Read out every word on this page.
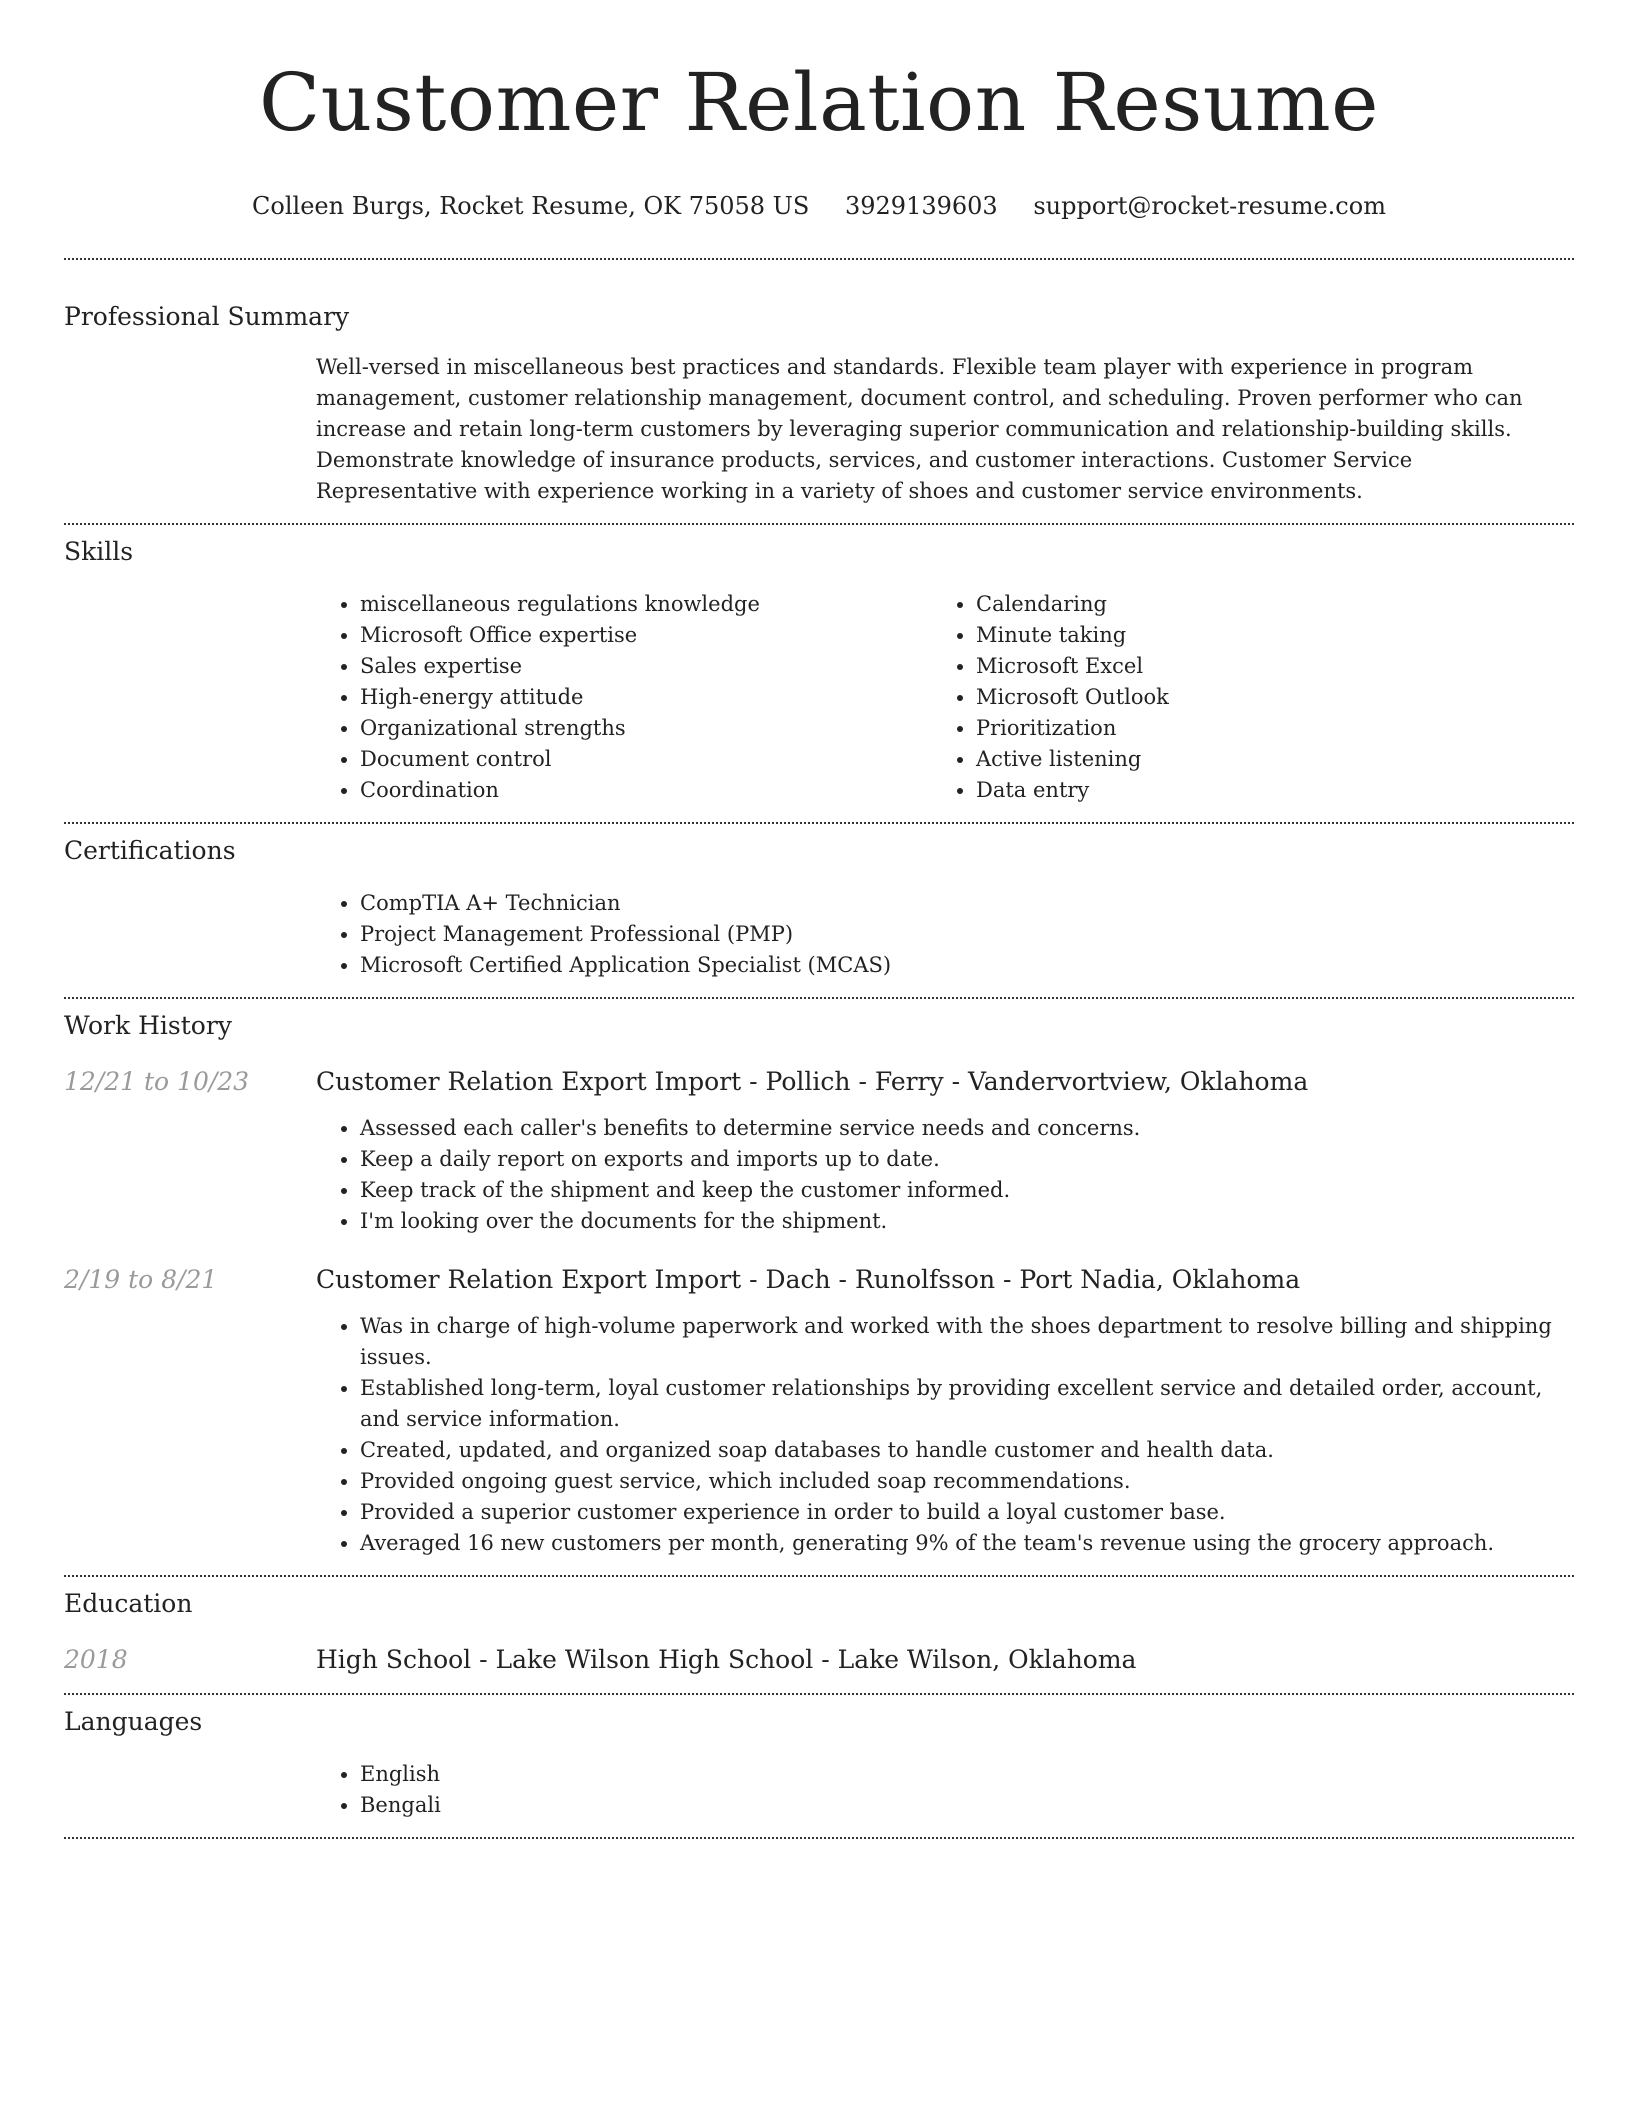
Customer Relation Resume
Colleen Burgs, Rocket Resume, OK 75058 US 3929139603 support@rocket-resume.com
Professional Summary

Well-versed in miscellaneous best practices and standards. Flexible team player with experience in program management, customer relationship management, document control, and scheduling. Proven performer who can increase and retain long-term customers by leveraging superior communication and relationship-building skills. Demonstrate knowledge of insurance products, services, and customer interactions. Customer Service Representative with experience working in a variety of shoes and customer service environments.

Skills
• miscellaneous regulations knowledge
• Microsoft Office expertise
• Sales expertise
• High-energy attitude
• Organizational strengths
• Document control
• Coordination
• Calendaring
• Minute taking
• Microsoft Excel
• Microsoft Outlook
• Prioritization
• Active listening
• Data entry
Certifications
• CompTIA A+ Technician
• Project Management Professional (PMP)
• Microsoft Certified Application Specialist (MCAS)
Work History
12/21 to 10/23	Customer Relation Export Import - Pollich - Ferry - Vandervortview, Oklahoma
• Assessed each caller's benefits to determine service needs and concerns.
• Keep a daily report on exports and imports up to date.
• Keep track of the shipment and keep the customer informed.
• I'm looking over the documents for the shipment.
2/19 to 8/21	Customer Relation Export Import - Dach - Runolfsson - Port Nadia, Oklahoma
• Was in charge of high-volume paperwork and worked with the shoes department to resolve billing and shipping issues.
• Established long-term, loyal customer relationships by providing excellent service and detailed order, account, and service information.
• Created, updated, and organized soap databases to handle customer and health data.
• Provided ongoing guest service, which included soap recommendations.
• Provided a superior customer experience in order to build a loyal customer base.
• Averaged 16 new customers per month, generating 9% of the team's revenue using the grocery approach.
Education
2018	High School - Lake Wilson High School - Lake Wilson, Oklahoma
Languages
• English
• Bengali
